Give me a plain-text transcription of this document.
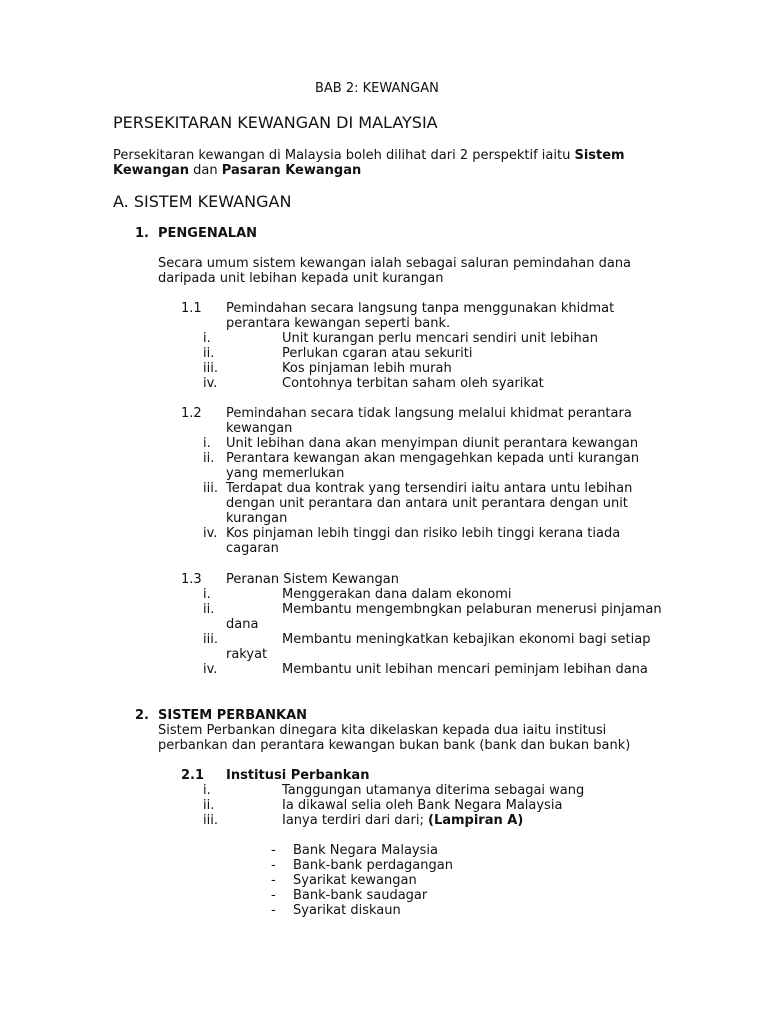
BAB 2: KEWANGAN
PERSEKITARAN KEWANGAN DI MALAYSIA
Persekitaran kewangan di Malaysia boleh dilihat dari 2 perspektif iaitu Sistem
Kewangan dan Pasaran Kewangan
A. SISTEM KEWANGAN
1. PENGENALAN
Secara umum sistem kewangan ialah sebagai saluran pemindahan dana
daripada unit lebihan kepada unit kurangan
1.1 Pemindahan secara langsung tanpa menggunakan khidmat
perantara kewangan seperti bank.
i.	Unit kurangan perlu mencari sendiri unit lebihan
ii.	Perlukan cgaran atau sekuriti
iii.	Kos pinjaman lebih murah
iv.	Contohnya terbitan saham oleh syarikat
1.2 Pemindahan secara tidak langsung melalui khidmat perantara
kewangan
i. Unit lebihan dana akan menyimpan diunit perantara kewangan
ii. Perantara kewangan akan mengagehkan kepada unti kurangan
yang memerlukan
iii. Terdapat dua kontrak yang tersendiri iaitu antara untu lebihan
dengan unit perantara dan antara unit perantara dengan unit
kurangan
iv. Kos pinjaman lebih tinggi dan risiko lebih tinggi kerana tiada
cagaran
1.3 Peranan Sistem Kewangan
i.	Menggerakan dana dalam ekonomi
ii.	Membantu mengembngkan pelaburan menerusi pinjaman
dana
iii.	Membantu meningkatkan kebajikan ekonomi bagi setiap
rakyat
iv.	Membantu unit lebihan mencari peminjam lebihan dana
2. SISTEM PERBANKAN
Sistem Perbankan dinegara kita dikelaskan kepada dua iaitu institusi
perbankan dan perantara kewangan bukan bank (bank dan bukan bank)
2.1 Institusi Perbankan
i.	Tanggungan utamanya diterima sebagai wang
ii.	Ia dikawal selia oleh Bank Negara Malaysia
iii.	Ianya terdiri dari dari; (Lampiran A)
- Bank Negara Malaysia
- Bank-bank perdagangan
- Syarikat kewangan
- Bank-bank saudagar
- Syarikat diskaun
